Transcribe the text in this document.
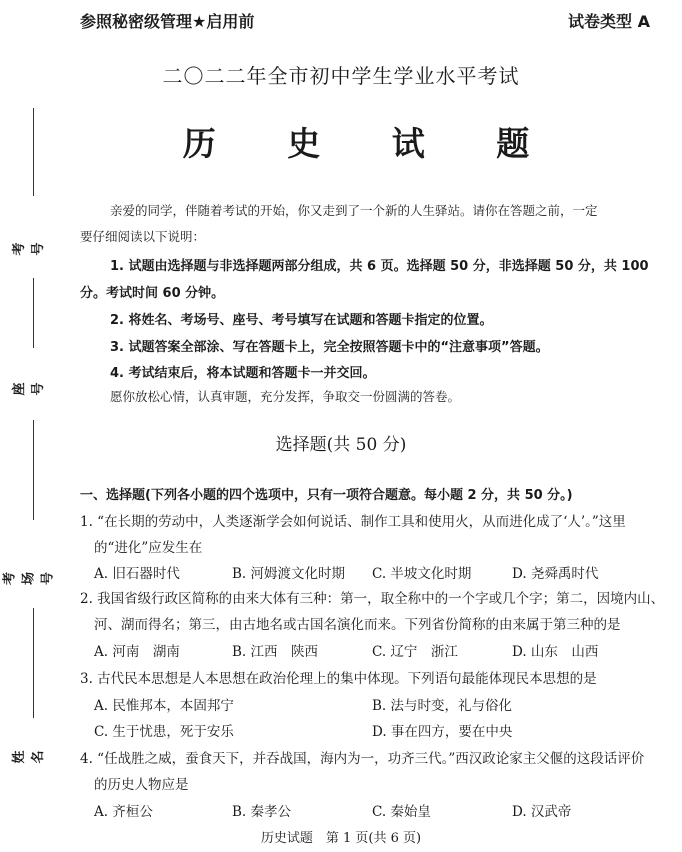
参照秘密级管理★启用前	试卷类型 A
二〇二二年全市初中学生学业水平考试
历 史 试 题
考号
座号
考场号
姓名
亲爱的同学，伴随着考试的开始，你又走到了一个新的人生驿站。请你在答题之前，一定
要仔细阅读以下说明：
1. 试题由选择题与非选择题两部分组成，共 6 页。选择题 50 分，非选择题 50 分，共 100
分。考试时间 60 分钟。
2. 将姓名、考场号、座号、考号填写在试题和答题卡指定的位置。
3. 试题答案全部涂、写在答题卡上，完全按照答题卡中的“注意事项”答题。
4. 考试结束后，将本试题和答题卡一并交回。
愿你放松心情，认真审题，充分发挥，争取交一份圆满的答卷。
选择题(共 50 分)
一、选择题(下列各小题的四个选项中，只有一项符合题意。每小题 2 分，共 50 分。)
1. “在长期的劳动中，人类逐渐学会如何说话、制作工具和使用火，从而进化成了‘人’。”这里
的“进化”应发生在
A. 旧石器时代	B. 河姆渡文化时期 C. 半坡文化时期	D. 尧舜禹时代
2. 我国省级行政区简称的由来大体有三种：第一，取全称中的一个字或几个字；第二，因境内山、
河、湖而得名；第三，由古地名或古国名演化而来。下列省份简称的由来属于第三种的是
A. 河南　湖南	B. 江西　陕西	C. 辽宁　浙江	D. 山东　山西
3. 古代民本思想是人本思想在政治伦理上的集中体现。下列语句最能体现民本思想的是
A. 民惟邦本，本固邦宁	B. 法与时变，礼与俗化
C. 生于忧患，死于安乐	D. 事在四方，要在中央
4. “任战胜之威，蚕食天下，并吞战国，海内为一，功齐三代。”西汉政论家主父偃的这段话评价
的历史人物应是
A. 齐桓公	B. 秦孝公	C. 秦始皇	D. 汉武帝
历史试题　第 1 页(共 6 页)
